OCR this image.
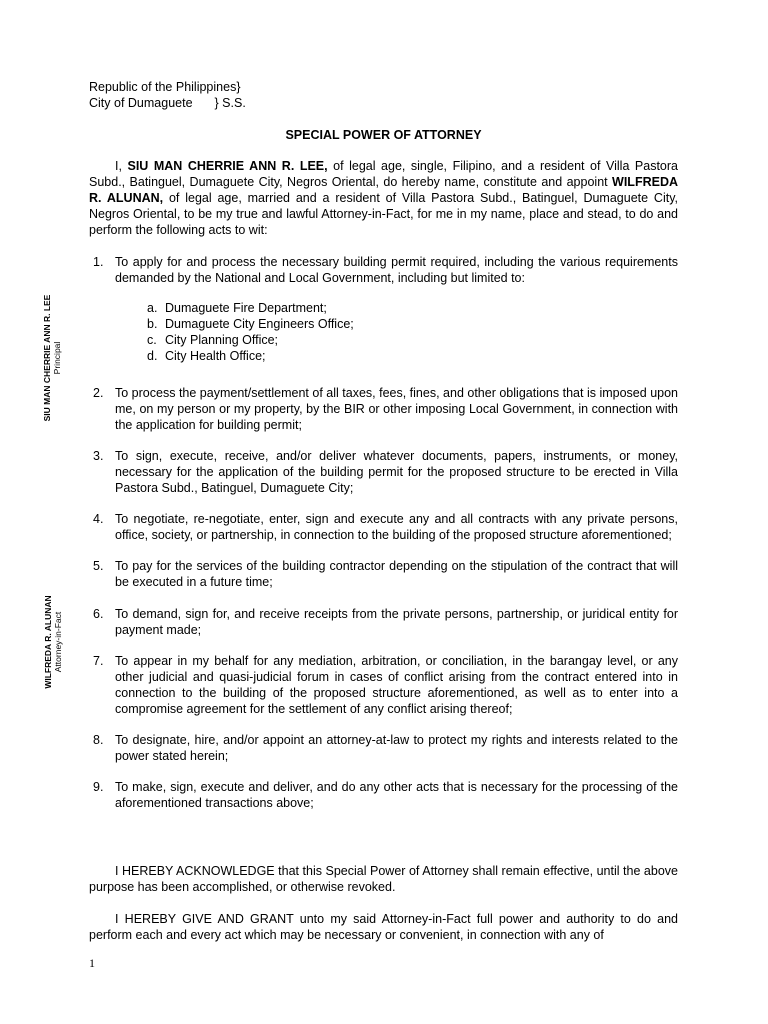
Republic of the Philippines}
City of Dumaguete } S.S.
SPECIAL POWER OF ATTORNEY

I, SIU MAN CHERRIE ANN R. LEE, of legal age, single, Filipino, and a resident of Villa Pastora Subd., Batinguel, Dumaguete City, Negros Oriental, do hereby name, constitute and appoint WILFREDA R. ALUNAN, of legal age, married and a resident of Villa Pastora Subd., Batinguel, Dumaguete City, Negros Oriental, to be my true and lawful Attorney-in-Fact, for me in my name, place and stead, to do and perform the following acts to wit:

1. To apply for and process the necessary building permit required, including the various requirements demanded by the National and Local Government, including but limited to:
a. Dumaguete Fire Department;
b. Dumaguete City Engineers Office;
c. City Planning Office;
d. City Health Office;
2. To process the payment/settlement of all taxes, fees, fines, and other obligations that is imposed upon me, on my person or my property, by the BIR or other imposing Local Government, in connection with the application for building permit;
3. To sign, execute, receive, and/or deliver whatever documents, papers, instruments, or money, necessary for the application of the building permit for the proposed structure to be erected in Villa Pastora Subd., Batinguel, Dumaguete City;
4. To negotiate, re-negotiate, enter, sign and execute any and all contracts with any private persons, office, society, or partnership, in connection to the building of the proposed structure aforementioned;
5. To pay for the services of the building contractor depending on the stipulation of the contract that will be executed in a future time;
6. To demand, sign for, and receive receipts from the private persons, partnership, or juridical entity for payment made;
7. To appear in my behalf for any mediation, arbitration, or conciliation, in the barangay level, or any other judicial and quasi-judicial forum in cases of conflict arising from the contract entered into in connection to the building of the proposed structure aforementioned, as well as to enter into a compromise agreement for the settlement of any conflict arising thereof;
8. To designate, hire, and/or appoint an attorney-at-law to protect my rights and interests related to the power stated herein;
9. To make, sign, execute and deliver, and do any other acts that is necessary for the processing of the aforementioned transactions above;

I HEREBY ACKNOWLEDGE that this Special Power of Attorney shall remain effective, until the above purpose has been accomplished, or otherwise revoked.

I HEREBY GIVE AND GRANT unto my said Attorney-in-Fact full power and authority to do and perform each and every act which may be necessary or convenient, in connection with any of

SIU MAN CHERRIE ANN R. LEE Principal
WILFREDA R. ALUNAN Attorney-in-Fact
1
